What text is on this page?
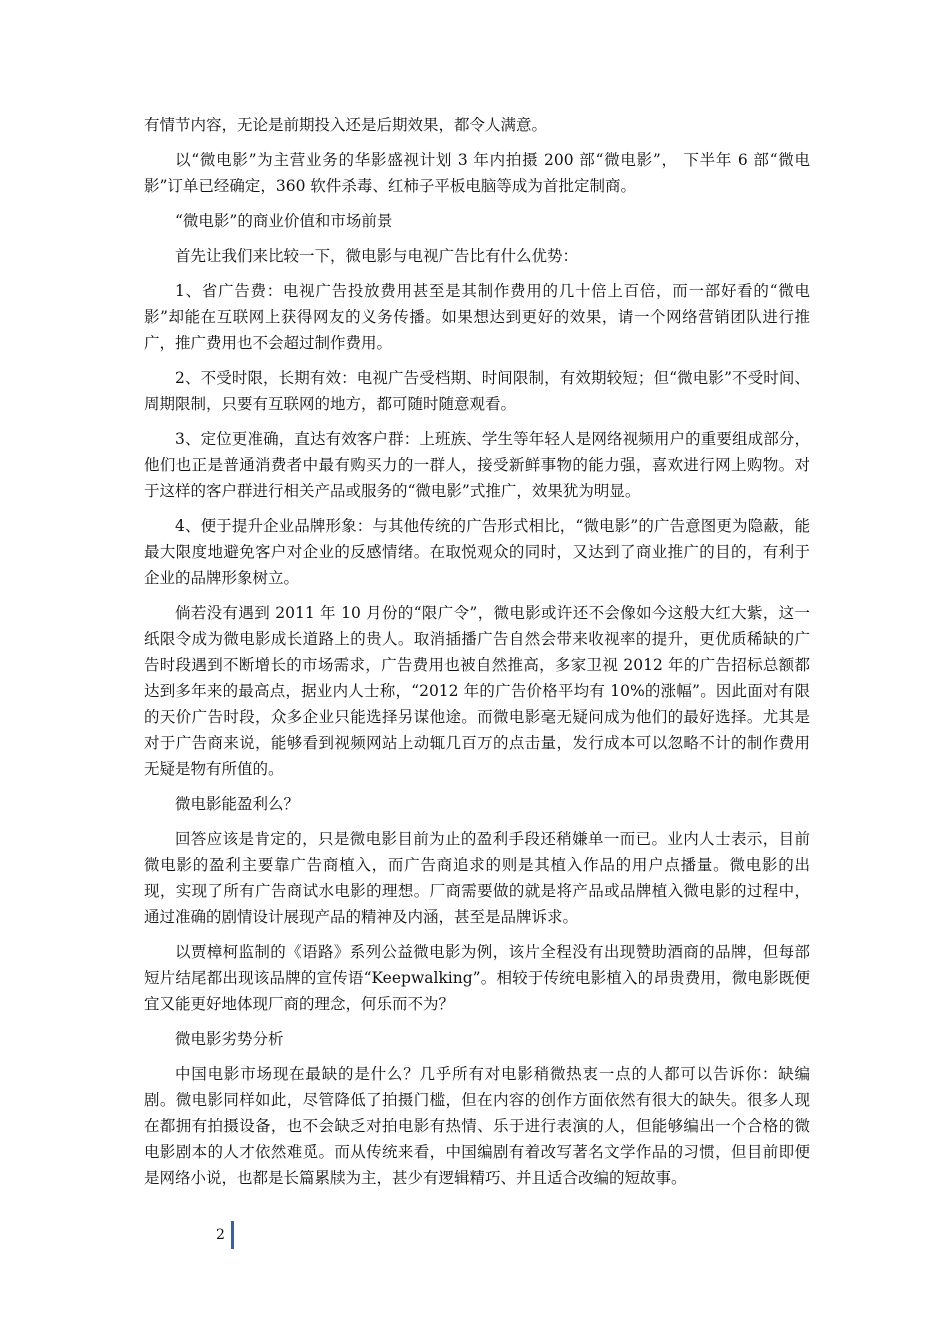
有情节内容，无论是前期投入还是后期效果，都令人满意。

以“微电影”为主营业务的华影盛视计划 3 年内拍摄 200 部“微电影”， 下半年 6 部“微电影”订单已经确定，360 软件杀毒、红柿子平板电脑等成为首批定制商。

“微电影”的商业价值和市场前景

首先让我们来比较一下，微电影与电视广告比有什么优势：

1、省广告费：电视广告投放费用甚至是其制作费用的几十倍上百倍，而一部好看的“微电影”却能在互联网上获得网友的义务传播。如果想达到更好的效果，请一个网络营销团队进行推广，推广费用也不会超过制作费用。

2、不受时限，长期有效：电视广告受档期、时间限制，有效期较短；但“微电影”不受时间、周期限制，只要有互联网的地方，都可随时随意观看。

3、定位更准确，直达有效客户群：上班族、学生等年轻人是网络视频用户的重要组成部分，他们也正是普通消费者中最有购买力的一群人，接受新鲜事物的能力强，喜欢进行网上购物。对于这样的客户群进行相关产品或服务的“微电影”式推广，效果犹为明显。

4、便于提升企业品牌形象：与其他传统的广告形式相比，“微电影”的广告意图更为隐蔽，能最大限度地避免客户对企业的反感情绪。在取悦观众的同时，又达到了商业推广的目的，有利于企业的品牌形象树立。

倘若没有遇到 2011 年 10 月份的“限广令”，微电影或许还不会像如今这般大红大紫，这一纸限令成为微电影成长道路上的贵人。取消插播广告自然会带来收视率的提升，更优质稀缺的广告时段遇到不断增长的市场需求，广告费用也被自然推高，多家卫视 2012 年的广告招标总额都达到多年来的最高点，据业内人士称，“2012 年的广告价格平均有 10%的涨幅”。因此面对有限的天价广告时段，众多企业只能选择另谋他途。而微电影毫无疑问成为他们的最好选择。尤其是对于广告商来说，能够看到视频网站上动辄几百万的点击量，发行成本可以忽略不计的制作费用无疑是物有所值的。

微电影能盈利么？

回答应该是肯定的，只是微电影目前为止的盈利手段还稍嫌单一而已。业内人士表示，目前微电影的盈利主要靠广告商植入，而广告商追求的则是其植入作品的用户点播量。微电影的出现，实现了所有广告商试水电影的理想。厂商需要做的就是将产品或品牌植入微电影的过程中，通过准确的剧情设计展现产品的精神及内涵，甚至是品牌诉求。

以贾樟柯监制的《语路》系列公益微电影为例，该片全程没有出现赞助酒商的品牌，但每部短片结尾都出现该品牌的宣传语“Keepwalking”。相较于传统电影植入的昂贵费用，微电影既便宜又能更好地体现厂商的理念，何乐而不为？

微电影劣势分析

中国电影市场现在最缺的是什么？几乎所有对电影稍微热衷一点的人都可以告诉你：缺编剧。微电影同样如此，尽管降低了拍摄门槛，但在内容的创作方面依然有很大的缺失。很多人现在都拥有拍摄设备，也不会缺乏对拍电影有热情、乐于进行表演的人，但能够编出一个合格的微电影剧本的人才依然难觅。而从传统来看，中国编剧有着改写著名文学作品的习惯，但目前即便是网络小说，也都是长篇累牍为主，甚少有逻辑精巧、并且适合改编的短故事。

2
